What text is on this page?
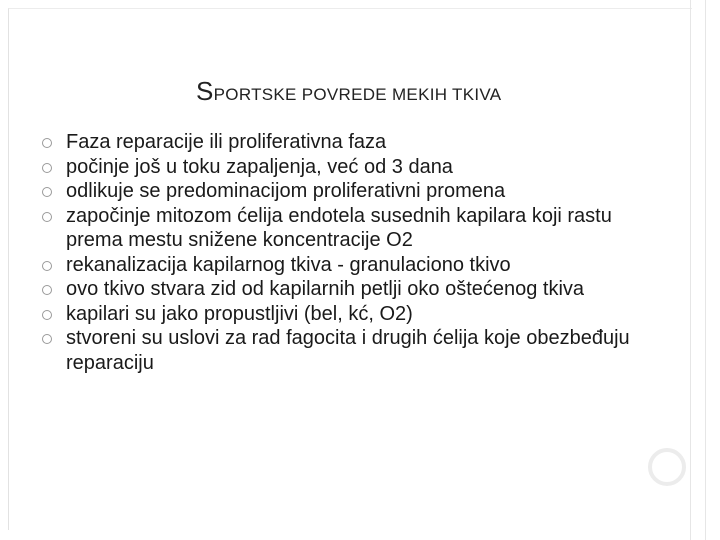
SPORTSKE POVREDE MEKIH TKIVA
Faza reparacije ili proliferativna faza
počinje još u toku zapaljenja, već od 3 dana
odlikuje se predominacijom proliferativni promena
započinje mitozom ćelija endotela susednih kapilara koji rastu prema mestu snižene koncentracije O2
rekanalizacija kapilarnog tkiva - granulaciono tkivo
ovo tkivo stvara zid od kapilarnih petlji oko oštećenog tkiva
kapilari su jako propustljivi (bel, kć, O2)
stvoreni su uslovi za rad fagocita i drugih ćelija koje obezbeđuju reparaciju
